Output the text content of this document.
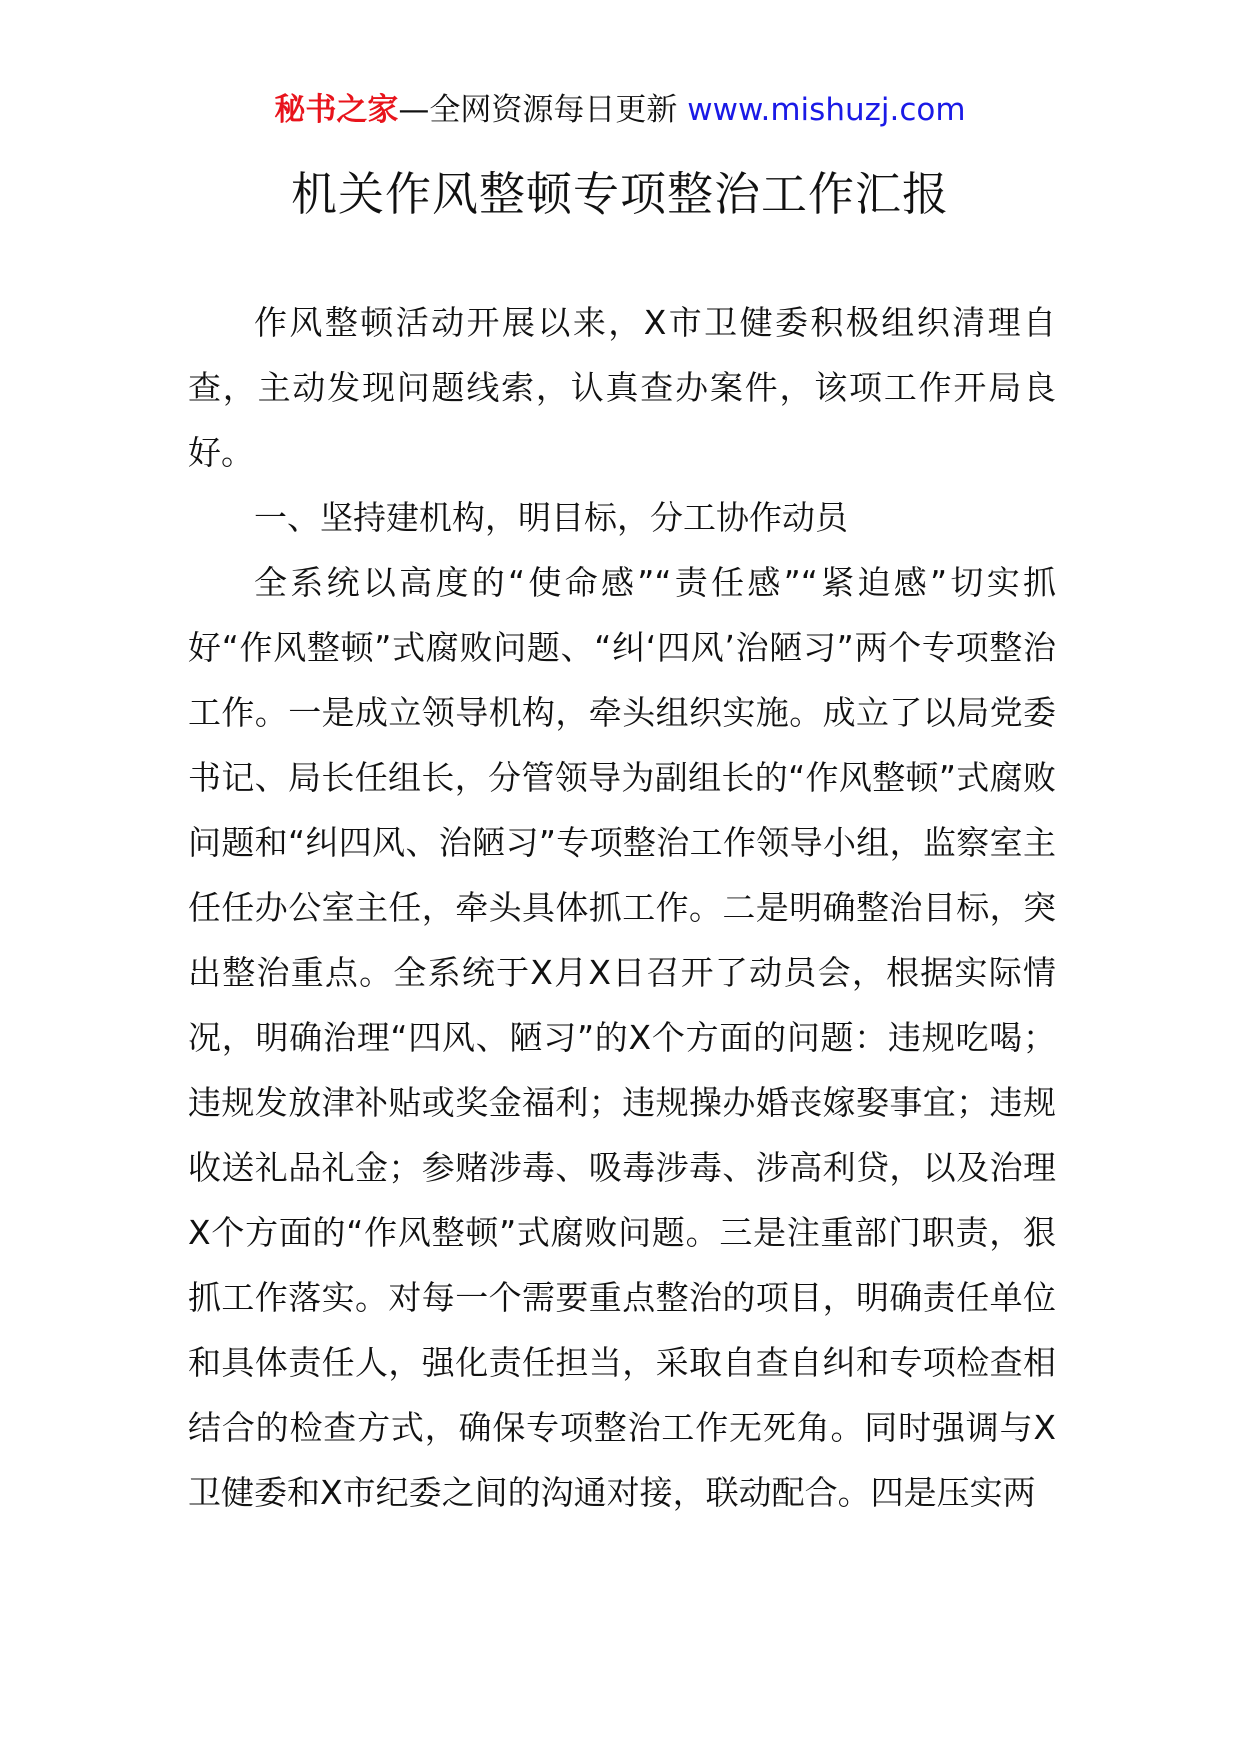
秘书之家—全网资源每日更新 www.mishuzj.com
机关作风整顿专项整治工作汇报

作风整顿活动开展以来，X市卫健委积极组织清理自查，主动发现问题线索，认真查办案件，该项工作开局良好。

一、坚持建机构，明目标，分工协作动员

全系统以高度的“使命感”“责任感”“紧迫感”切实抓好“作风整顿”式腐败问题、“纠‘四风’治陋习”两个专项整治工作。一是成立领导机构，牵头组织实施。成立了以局党委书记、局长任组长，分管领导为副组长的“作风整顿”式腐败问题和“纠四风、治陋习”专项整治工作领导小组，监察室主任任办公室主任，牵头具体抓工作。二是明确整治目标，突出整治重点。全系统于X月X日召开了动员会，根据实际情况，明确治理“四风、陋习”的X个方面的问题：违规吃喝；违规发放津补贴或奖金福利；违规操办婚丧嫁娶事宜；违规收送礼品礼金；参赌涉毒、吸毒涉毒、涉高利贷，以及治理X个方面的“作风整顿”式腐败问题。三是注重部门职责，狠抓工作落实。对每一个需要重点整治的项目，明确责任单位和具体责任人，强化责任担当，采取自查自纠和专项检查相结合的检查方式，确保专项整治工作无死角。同时强调与X卫健委和X市纪委之间的沟通对接，联动配合。四是压实两
